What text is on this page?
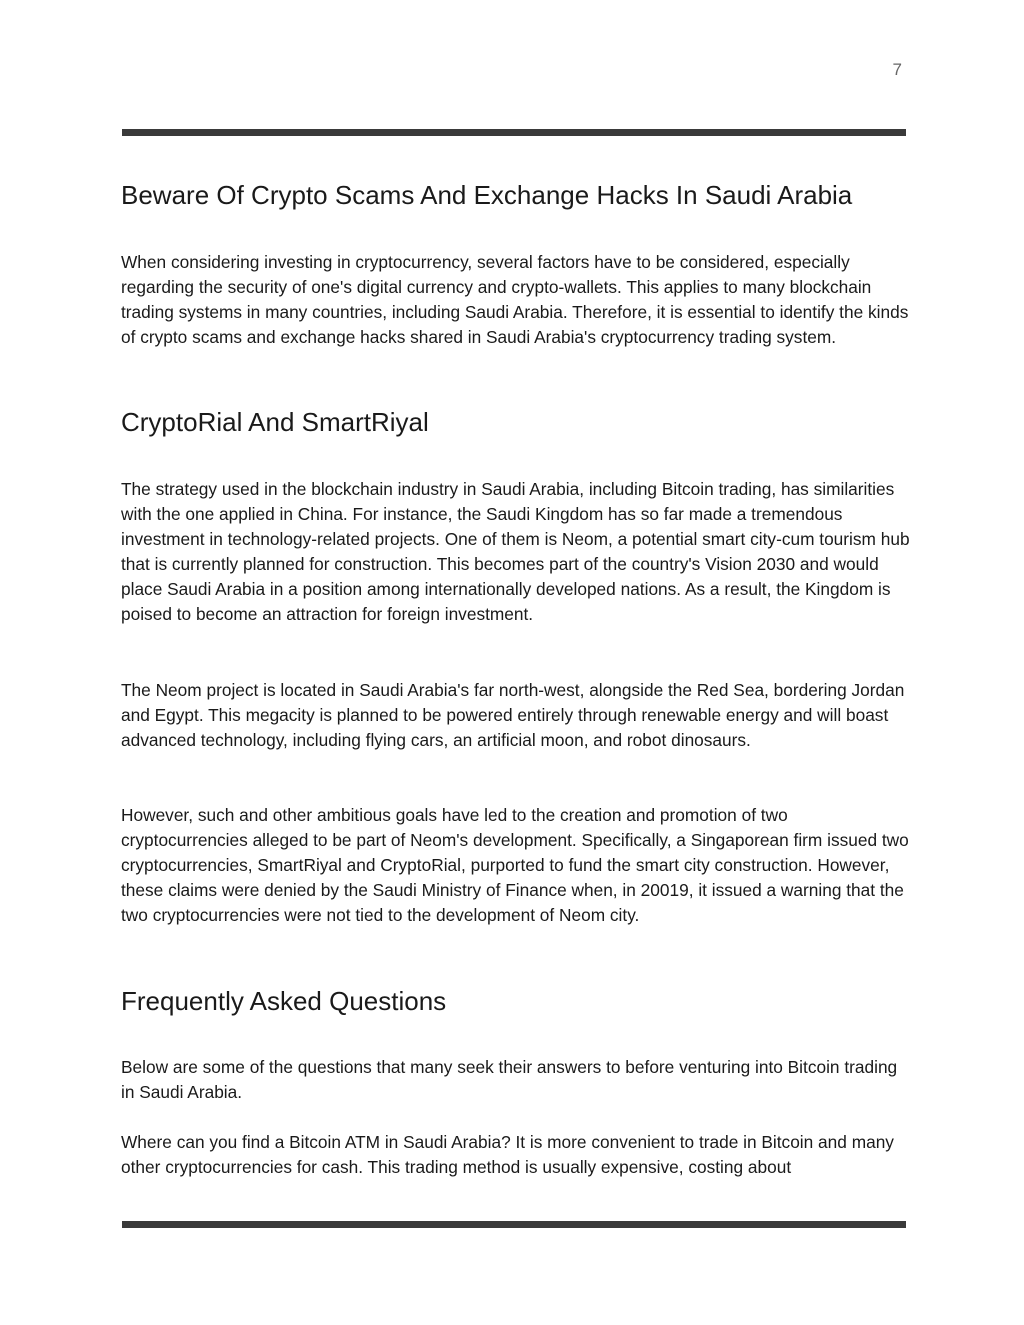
7
Beware Of Crypto Scams And Exchange Hacks In Saudi Arabia

When considering investing in cryptocurrency, several factors have to be considered, especially regarding the security of one's digital currency and crypto-wallets. This applies to many blockchain trading systems in many countries, including Saudi Arabia. Therefore, it is essential to identify the kinds of crypto scams and exchange hacks shared in Saudi Arabia's cryptocurrency trading system.

CryptoRial And SmartRiyal

The strategy used in the blockchain industry in Saudi Arabia, including Bitcoin trading, has similarities with the one applied in China. For instance, the Saudi Kingdom has so far made a tremendous investment in technology-related projects. One of them is Neom, a potential smart city-cum tourism hub that is currently planned for construction. This becomes part of the country's Vision 2030 and would place Saudi Arabia in a position among internationally developed nations. As a result, the Kingdom is poised to become an attraction for foreign investment.

The Neom project is located in Saudi Arabia's far north-west, alongside the Red Sea, bordering Jordan and Egypt. This megacity is planned to be powered entirely through renewable energy and will boast advanced technology, including flying cars, an artificial moon, and robot dinosaurs.

However, such and other ambitious goals have led to the creation and promotion of two cryptocurrencies alleged to be part of Neom's development. Specifically, a Singaporean firm issued two cryptocurrencies, SmartRiyal and CryptoRial, purported to fund the smart city construction. However, these claims were denied by the Saudi Ministry of Finance when, in 20019, it issued a warning that the two cryptocurrencies were not tied to the development of Neom city.

Frequently Asked Questions

Below are some of the questions that many seek their answers to before venturing into Bitcoin trading in Saudi Arabia.

Where can you find a Bitcoin ATM in Saudi Arabia? It is more convenient to trade in Bitcoin and many other cryptocurrencies for cash. This trading method is usually expensive, costing about
